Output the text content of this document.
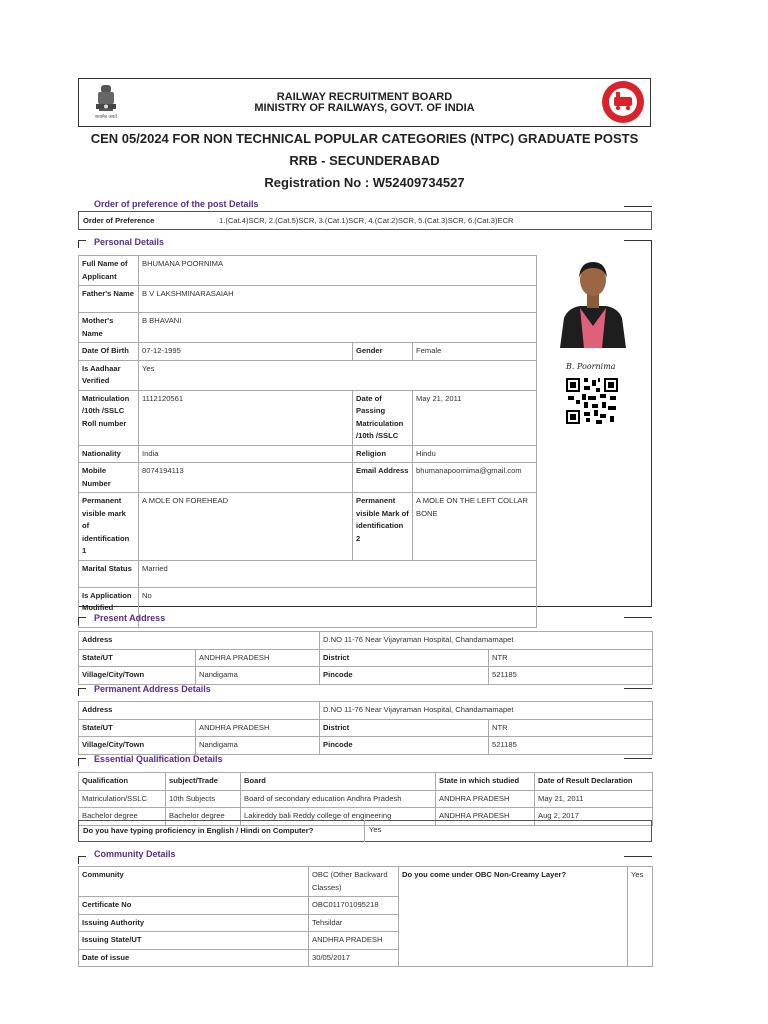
सत्यमेव जयते
RAILWAY RECRUITMENT BOARD
MINISTRY OF RAILWAYS, GOVT. OF INDIA
CEN 05/2024 FOR NON TECHNICAL POPULAR CATEGORIES (NTPC) GRADUATE POSTS
RRB - SECUNDERABAD
Registration No : W52409734527
Order of preference of the post Details
Order of Preference	1.(Cat.4)SCR, 2.(Cat.5)SCR, 3.(Cat.1)SCR, 4.(Cat.2)SCR, 5.(Cat.3)SCR, 6.(Cat.3)ECR
Personal Details
Full Name of Applicant	BHUMANA POORNIMA		
Father's Name	B V LAKSHMINARASAIAH		
Mother's Name	B BHAVANI		
Date Of Birth	07-12-1995	Gender	Female
Is Aadhaar Verified	Yes		
Matriculation /10th /SSLC Roll number	1112120561	Date of Passing Matriculation /10th /SSLC	May 21, 2011
Nationality	India	Religion	Hindu
Mobile Number	8074194113	Email Address	bhumanapoornima@gmail.com
Permanent visible mark of identification 1	A MOLE ON FOREHEAD	Permanent visible Mark of identification 2	A MOLE ON THE LEFT COLLAR BONE
Marital Status	Married		
Is Application Modified	No		
B. Poornima
Present Address
Address		D.NO 11-76 Near Vijayraman Hospital, Chandamamapet	
State/UT	ANDHRA PRADESH	District	NTR
Village/City/Town	Nandigama	Pincode	521185
Permanent Address Details
Address		D.NO 11-76 Near Vijayraman Hospital, Chandamamapet	
State/UT	ANDHRA PRADESH	District	NTR
Village/City/Town	Nandigama	Pincode	521185
Essential Qualification Details
Qualification	subject/Trade	Board	State in which studied	Date of Result Declaration
Matriculation/SSLC	10th Subjects	Board of secondary education Andhra Pradesh	ANDHRA PRADESH	May 21, 2011
Bachelor degree	Bachelor degree	Lakireddy bali Reddy college of engineering	ANDHRA PRADESH	Aug 2, 2017
Do you have typing proficiency in English / Hindi on Computer?	Yes
Community Details
Community	OBC (Other Backward Classes)	Do you come under OBC Non-Creamy Layer?	Yes
Certificate No	OBC011701095218		
Issuing Authority	Tehsildar		
Issuing State/UT	ANDHRA PRADESH		
Date of issue	30/05/2017		
